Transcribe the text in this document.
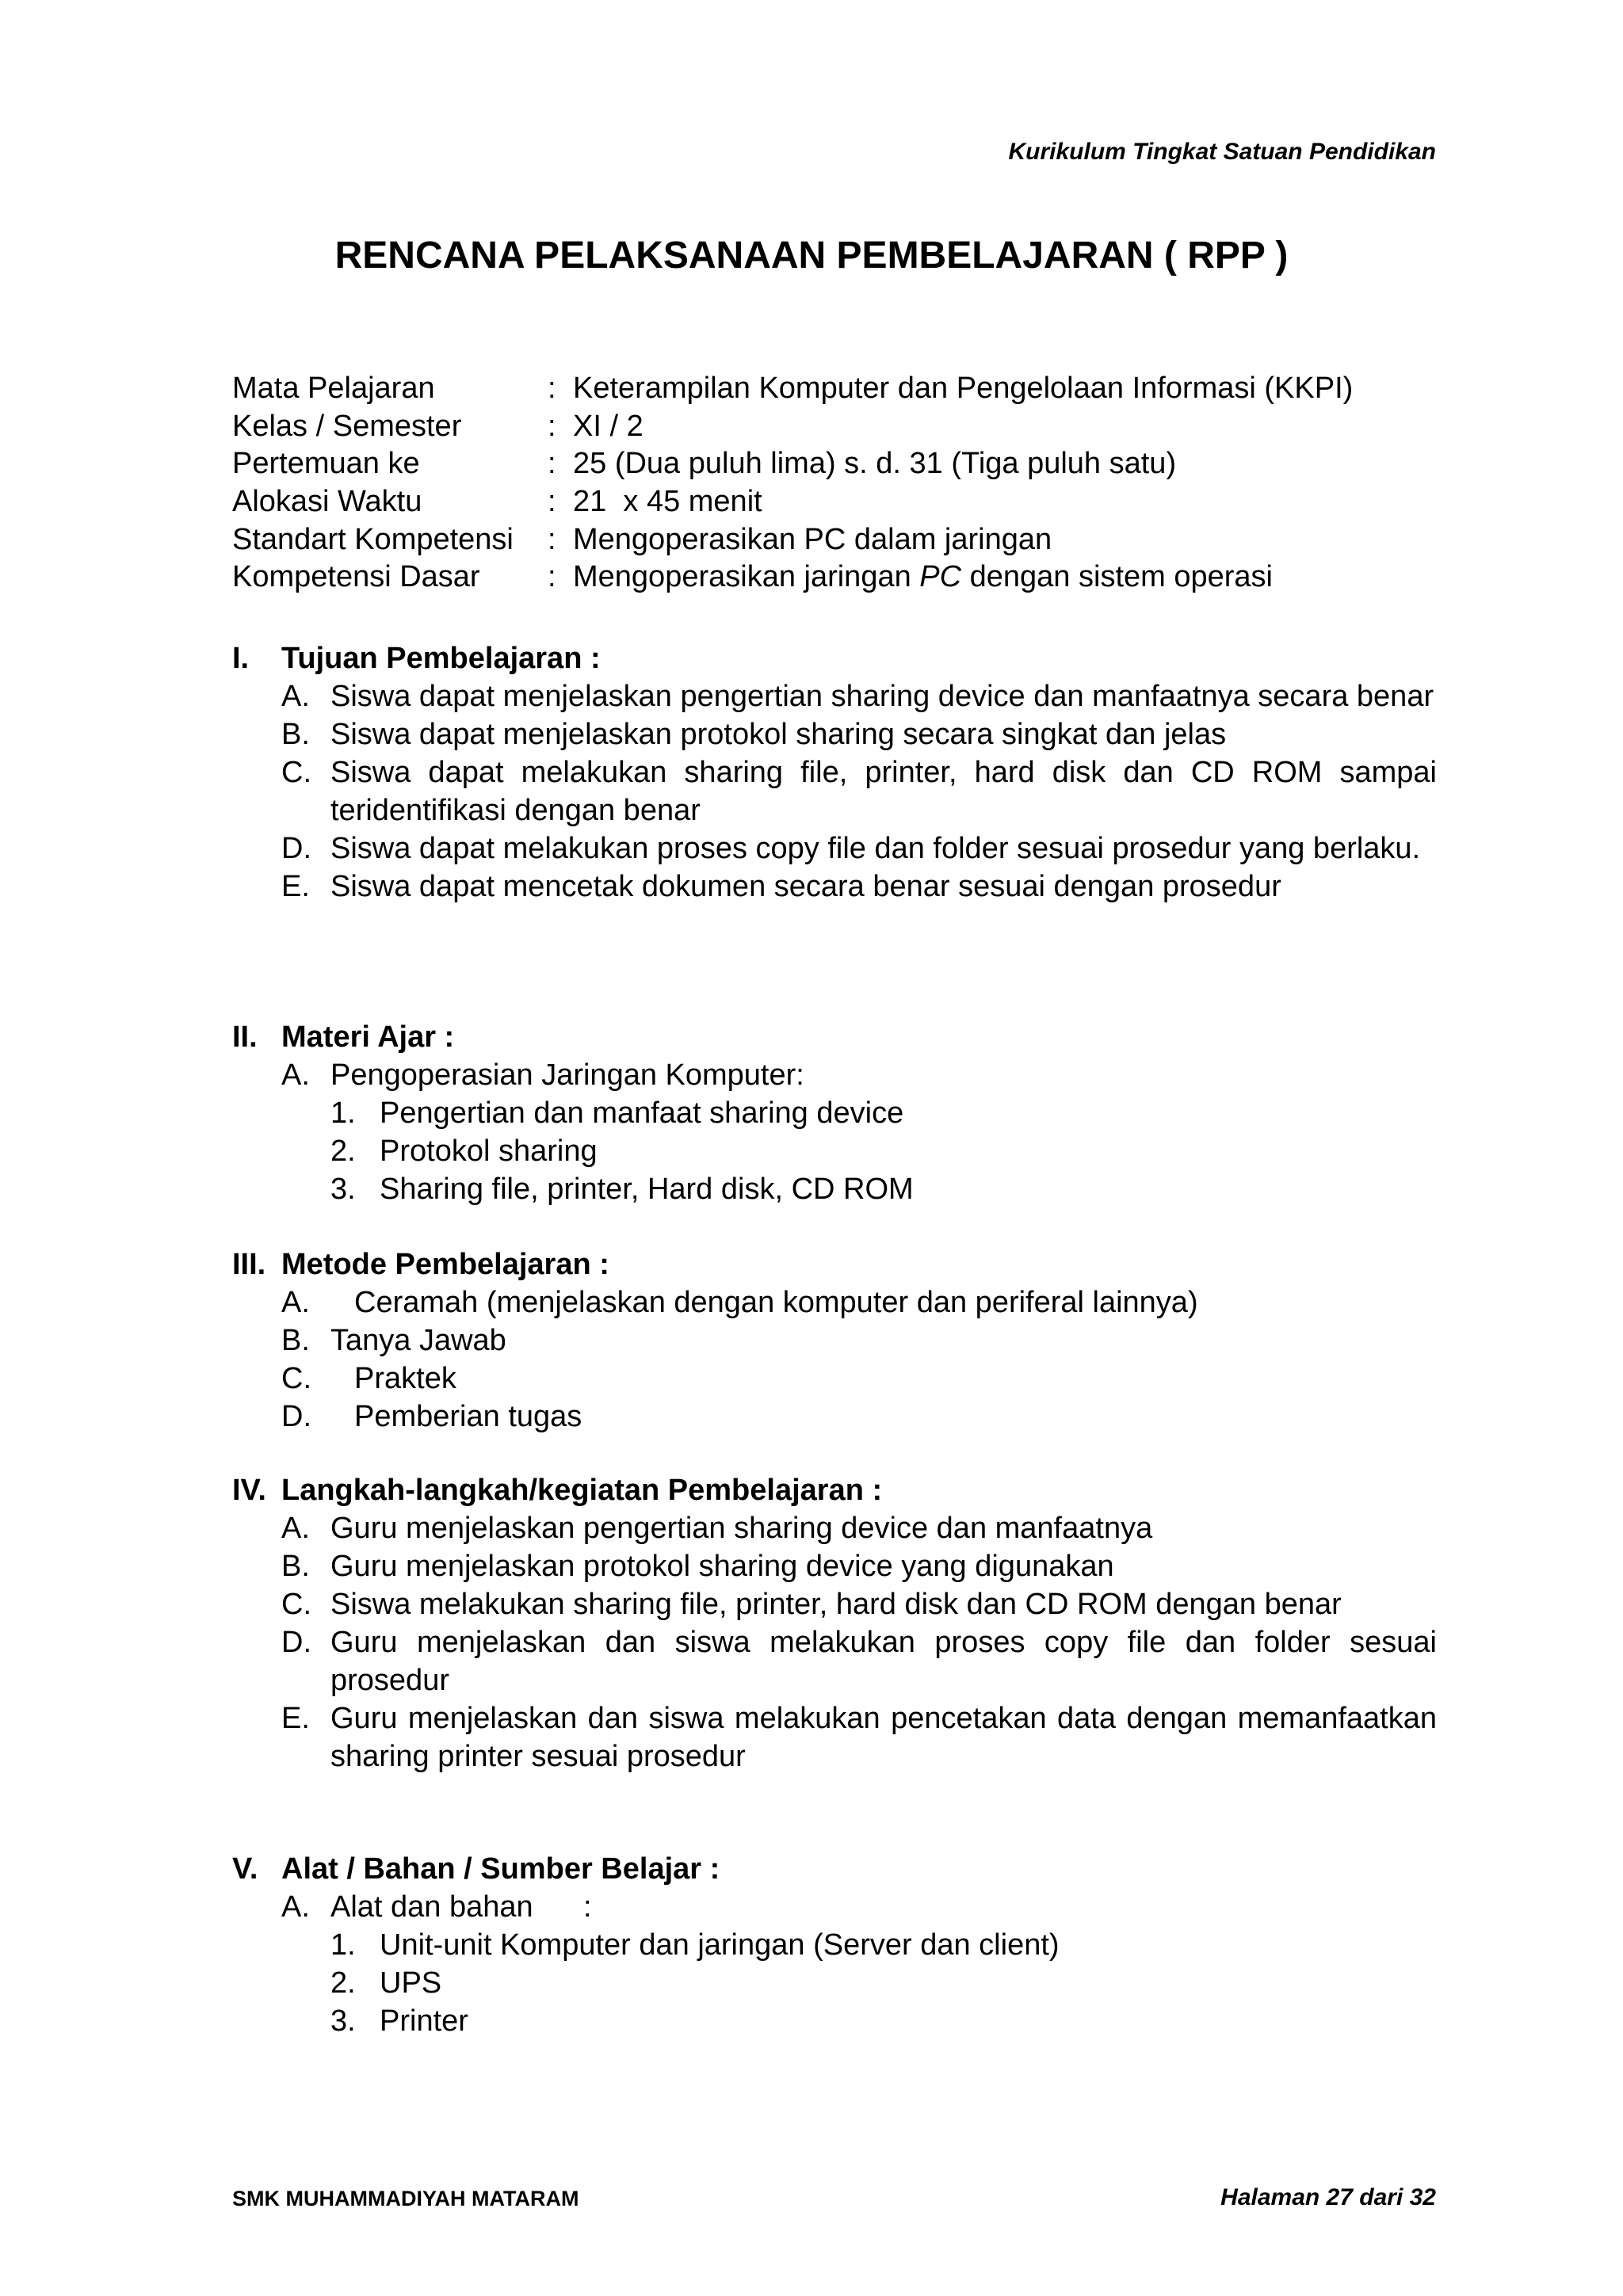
Kurikulum Tingkat Satuan Pendidikan
RENCANA PELAKSANAAN PEMBELAJARAN ( RPP )
Mata Pelajaran	: Keterampilan Komputer dan Pengelolaan Informasi (KKPI)
Kelas / Semester	: XI / 2
Pertemuan ke	: 25 (Dua puluh lima) s. d. 31 (Tiga puluh satu)
Alokasi Waktu	: 21  x 45 menit
Standart Kompetensi	: Mengoperasikan PC dalam jaringan
Kompetensi Dasar	: Mengoperasikan jaringan PC dengan sistem operasi
I.	Tujuan Pembelajaran :
A. Siswa dapat menjelaskan pengertian sharing device dan manfaatnya secara benar
B. Siswa dapat menjelaskan protokol sharing secara singkat dan jelas
C. Siswa dapat melakukan sharing file, printer, hard disk dan CD ROM sampai teridentifikasi dengan benar
D. Siswa dapat melakukan proses copy file dan folder sesuai prosedur yang berlaku.
E. Siswa dapat mencetak dokumen secara benar sesuai dengan prosedur
II. Materi Ajar :
A. Pengoperasian Jaringan Komputer:
1. Pengertian dan manfaat sharing device
2. Protokol sharing
3. Sharing file, printer, Hard disk, CD ROM
III. Metode Pembelajaran :
A.	Ceramah (menjelaskan dengan komputer dan periferal lainnya)
B. Tanya Jawab
C.	Praktek
D.	Pemberian tugas
IV. Langkah-langkah/kegiatan Pembelajaran :
A. Guru menjelaskan pengertian sharing device dan manfaatnya
B. Guru menjelaskan protokol sharing device yang digunakan
C. Siswa melakukan sharing file, printer, hard disk dan CD ROM dengan benar
D. Guru menjelaskan dan siswa melakukan proses copy file dan folder sesuai prosedur
E. Guru menjelaskan dan siswa melakukan pencetakan data dengan memanfaatkan sharing printer sesuai prosedur
V. Alat / Bahan / Sumber Belajar :
A. Alat dan bahan      :
1. Unit-unit Komputer dan jaringan (Server dan client)
2. UPS
3. Printer
SMK MUHAMMADIYAH MATARAM	Halaman 27 dari 32
